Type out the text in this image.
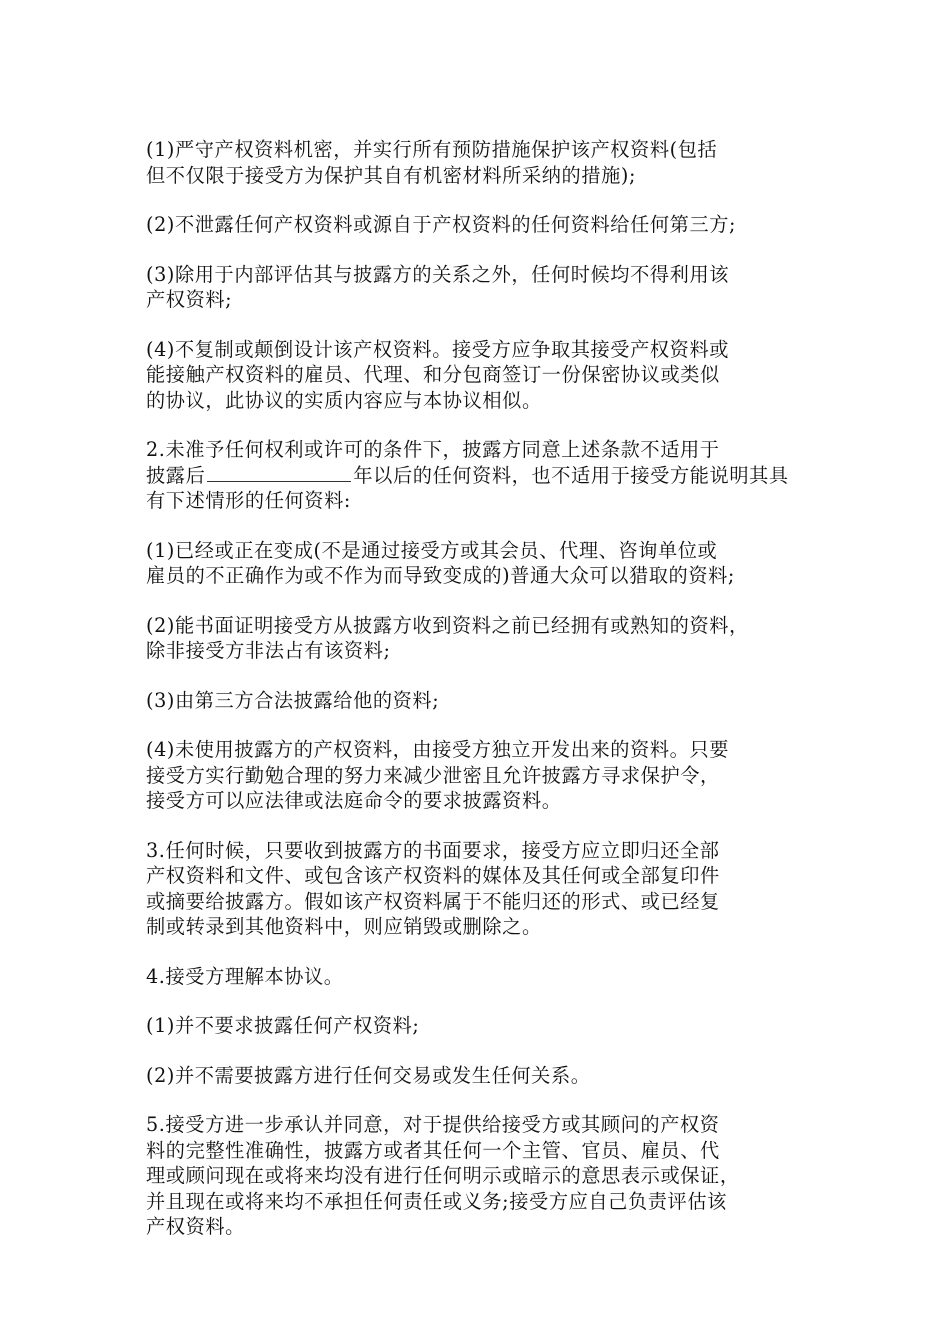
(1)严守产权资料机密，并实行所有预防措施保护该产权资料(包括
但不仅限于接受方为保护其自有机密材料所采纳的措施);

(2)不泄露任何产权资料或源自于产权资料的任何资料给任何第三方;

(3)除用于内部评估其与披露方的关系之外，任何时候均不得利用该
产权资料;

(4)不复制或颠倒设计该产权资料。接受方应争取其接受产权资料或
能接触产权资料的雇员、代理、和分包商签订一份保密协议或类似
的协议，此协议的实质内容应与本协议相似。

2.未准予任何权利或许可的条件下，披露方同意上述条款不适用于
披露后	年以后的任何资料，也不适用于接受方能说明其具
有下述情形的任何资料:

(1)已经或正在变成(不是通过接受方或其会员、代理、咨询单位或
雇员的不正确作为或不作为而导致变成的)普通大众可以猎取的资料;

(2)能书面证明接受方从披露方收到资料之前已经拥有或熟知的资料，
除非接受方非法占有该资料;

(3)由第三方合法披露给他的资料;

(4)未使用披露方的产权资料，由接受方独立开发出来的资料。只要
接受方实行勤勉合理的努力来减少泄密且允许披露方寻求保护令，
接受方可以应法律或法庭命令的要求披露资料。

3.任何时候，只要收到披露方的书面要求，接受方应立即归还全部
产权资料和文件、或包含该产权资料的媒体及其任何或全部复印件
或摘要给披露方。假如该产权资料属于不能归还的形式、或已经复
制或转录到其他资料中，则应销毁或删除之。

4.接受方理解本协议。

(1)并不要求披露任何产权资料;

(2)并不需要披露方进行任何交易或发生任何关系。

5.接受方进一步承认并同意，对于提供给接受方或其顾问的产权资
料的完整性准确性，披露方或者其任何一个主管、官员、雇员、代
理或顾问现在或将来均没有进行任何明示或暗示的意思表示或保证，
并且现在或将来均不承担任何责任或义务;接受方应自己负责评估该
产权资料。
